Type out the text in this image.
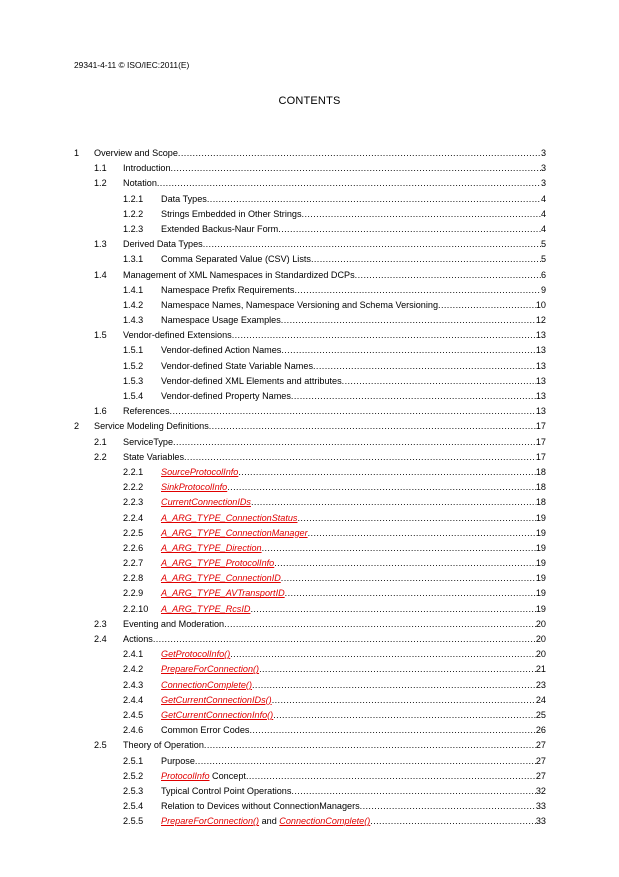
29341-4-11 © ISO/IEC:2011(E)
CONTENTS
1	Overview and Scope .....	3
1.1	Introduction .....	3
1.2	Notation .....	3
1.2.1	Data Types .....	4
1.2.2	Strings Embedded in Other Strings .....	4
1.2.3	Extended Backus-Naur Form .....	4
1.3	Derived Data Types .....	5
1.3.1	Comma Separated Value (CSV) Lists .....	5
1.4	Management of XML Namespaces in Standardized DCPs .....	6
1.4.1	Namespace Prefix Requirements .....	9
1.4.2	Namespace Names, Namespace Versioning and Schema Versioning .....	10
1.4.3	Namespace Usage Examples .....	12
1.5	Vendor-defined Extensions .....	13
1.5.1	Vendor-defined Action Names .....	13
1.5.2	Vendor-defined State Variable Names .....	13
1.5.3	Vendor-defined XML Elements and attributes .....	13
1.5.4	Vendor-defined Property Names .....	13
1.6	References .....	13
2	Service Modeling Definitions .....	17
2.1	ServiceType .....	17
2.2	State Variables .....	17
2.2.1	SourceProtocolInfo .....	18
2.2.2	SinkProtocolInfo .....	18
2.2.3	CurrentConnectionIDs .....	18
2.2.4	A_ARG_TYPE_ConnectionStatus .....	19
2.2.5	A_ARG_TYPE_ConnectionManager .....	19
2.2.6	A_ARG_TYPE_Direction .....	19
2.2.7	A_ARG_TYPE_ProtocolInfo .....	19
2.2.8	A_ARG_TYPE_ConnectionID .....	19
2.2.9	A_ARG_TYPE_AVTransportID .....	19
2.2.10	A_ARG_TYPE_RcsID .....	19
2.3	Eventing and Moderation .....	20
2.4	Actions .....	20
2.4.1	GetProtocolInfo() .....	20
2.4.2	PrepareForConnection() .....	21
2.4.3	ConnectionComplete() .....	23
2.4.4	GetCurrentConnectionIDs() .....	24
2.4.5	GetCurrentConnectionInfo() .....	25
2.4.6	Common Error Codes .....	26
2.5	Theory of Operation .....	27
2.5.1	Purpose .....	27
2.5.2	ProtocolInfo Concept .....	27
2.5.3	Typical Control Point Operations .....	32
2.5.4	Relation to Devices without ConnectionManagers .....	33
2.5.5	PrepareForConnection() and ConnectionComplete() .....	33
